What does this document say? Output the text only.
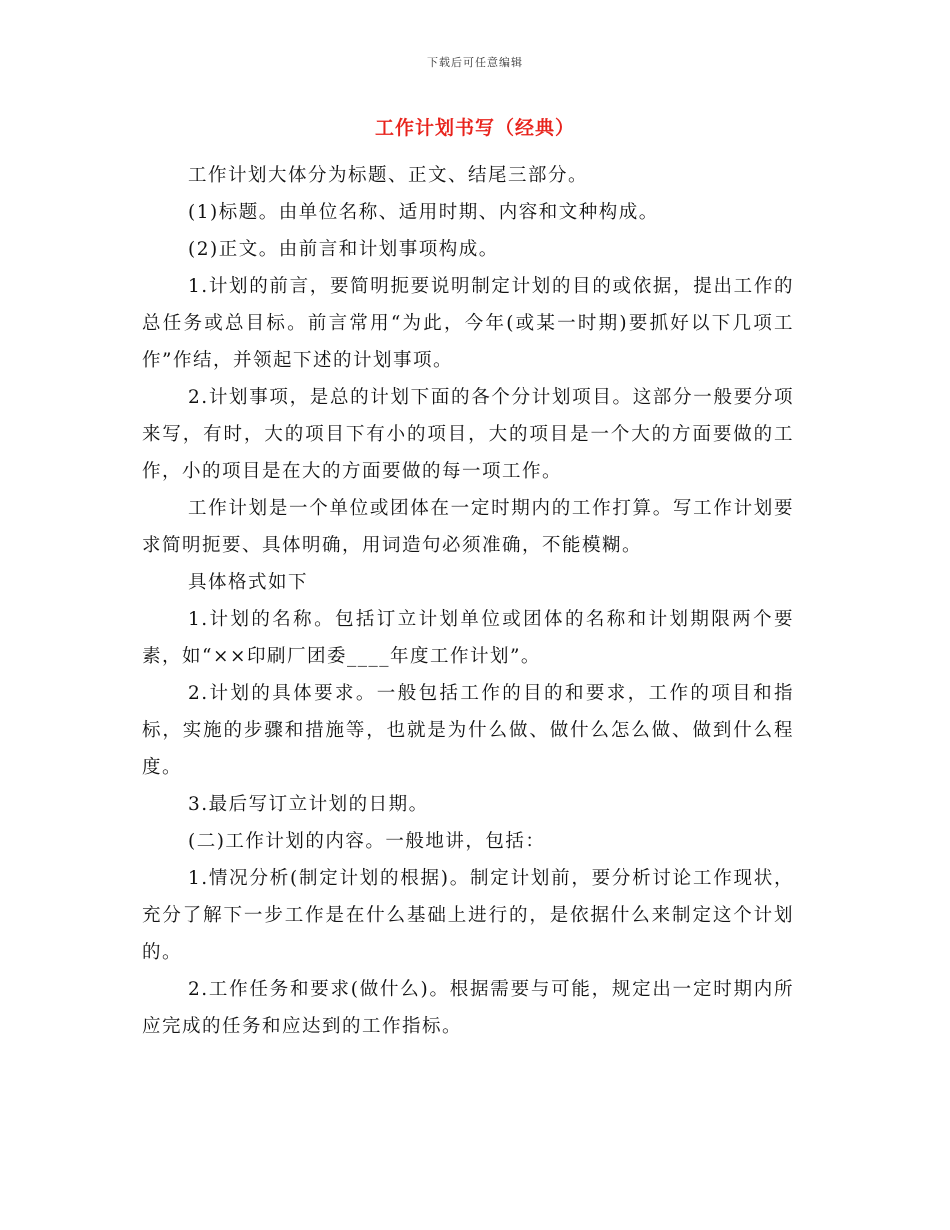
下载后可任意编辑
工作计划书写（经典）

工作计划大体分为标题、正文、结尾三部分。

(1)标题。由单位名称、适用时期、内容和文种构成。

(2)正文。由前言和计划事项构成。

1.计划的前言，要简明扼要说明制定计划的目的或依据，提出工作的总任务或总目标。前言常用“为此，今年(或某一时期)要抓好以下几项工作”作结，并领起下述的计划事项。

2.计划事项，是总的计划下面的各个分计划项目。这部分一般要分项来写，有时，大的项目下有小的项目，大的项目是一个大的方面要做的工作，小的项目是在大的方面要做的每一项工作。

工作计划是一个单位或团体在一定时期内的工作打算。写工作计划要求简明扼要、具体明确，用词造句必须准确，不能模糊。

具体格式如下

1.计划的名称。包括订立计划单位或团体的名称和计划期限两个要素，如“××印刷厂团委____年度工作计划”。

2.计划的具体要求。一般包括工作的目的和要求，工作的项目和指标，实施的步骤和措施等，也就是为什么做、做什么怎么做、做到什么程度。

3.最后写订立计划的日期。

(二)工作计划的内容。一般地讲，包括：

1.情况分析(制定计划的根据)。制定计划前，要分析讨论工作现状，充分了解下一步工作是在什么基础上进行的，是依据什么来制定这个计划的。

2.工作任务和要求(做什么)。根据需要与可能，规定出一定时期内所应完成的任务和应达到的工作指标。
